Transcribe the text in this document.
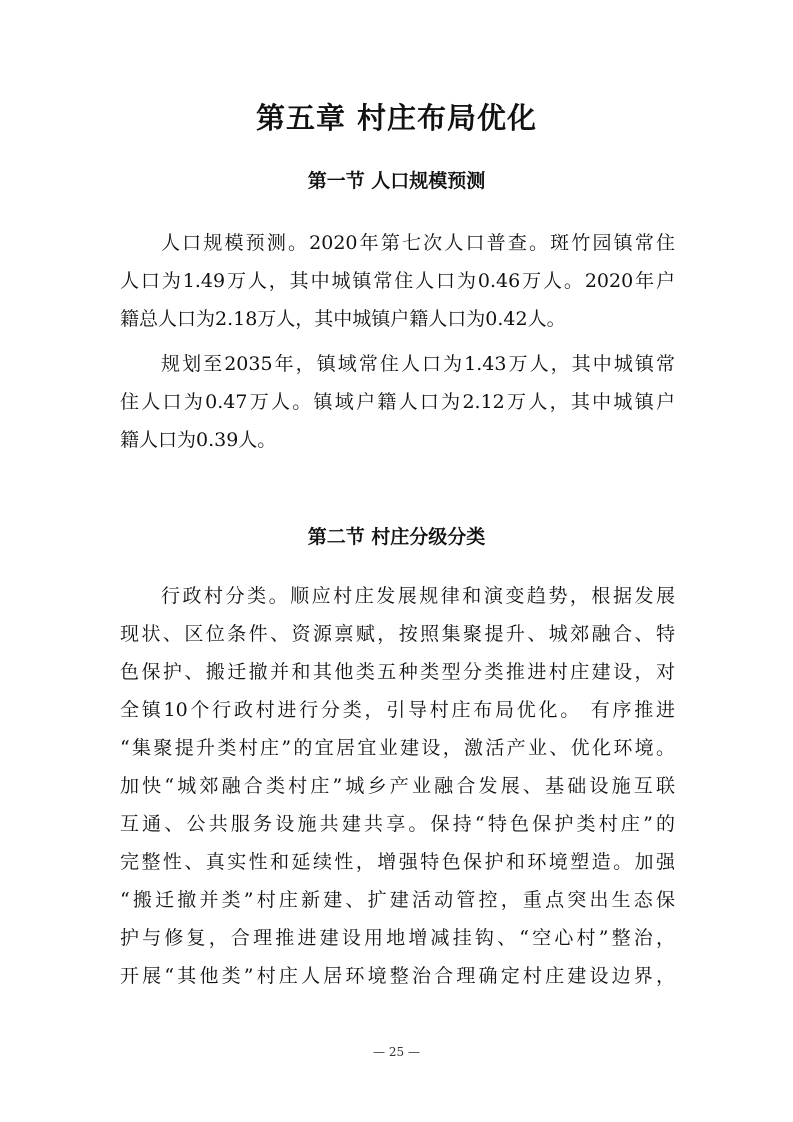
第五章 村庄布局优化
第一节 人口规模预测
人口规模预测。2020年第七次人口普查。斑竹园镇常住
人口为1.49万人，其中城镇常住人口为0.46万人。2020年户
籍总人口为2.18万人，其中城镇户籍人口为0.42人。
规划至2035年，镇域常住人口为1.43万人，其中城镇常
住人口为0.47万人。镇域户籍人口为2.12万人，其中城镇户
籍人口为0.39人。
第二节 村庄分级分类
行政村分类。顺应村庄发展规律和演变趋势，根据发展
现状、区位条件、资源禀赋，按照集聚提升、城郊融合、特
色保护、搬迁撤并和其他类五种类型分类推进村庄建设，对
全镇10个行政村进行分类，引导村庄布局优化。 有序推进
“集聚提升类村庄”的宜居宜业建设，激活产业、优化环境。
加快“城郊融合类村庄”城乡产业融合发展、基础设施互联
互通、公共服务设施共建共享。保持“特色保护类村庄”的
完整性、真实性和延续性，增强特色保护和环境塑造。加强
“搬迁撤并类”村庄新建、扩建活动管控，重点突出生态保
护与修复，合理推进建设用地增减挂钩、“空心村”整治，
开展“其他类”村庄人居环境整治合理确定村庄建设边界，
— 25 —
